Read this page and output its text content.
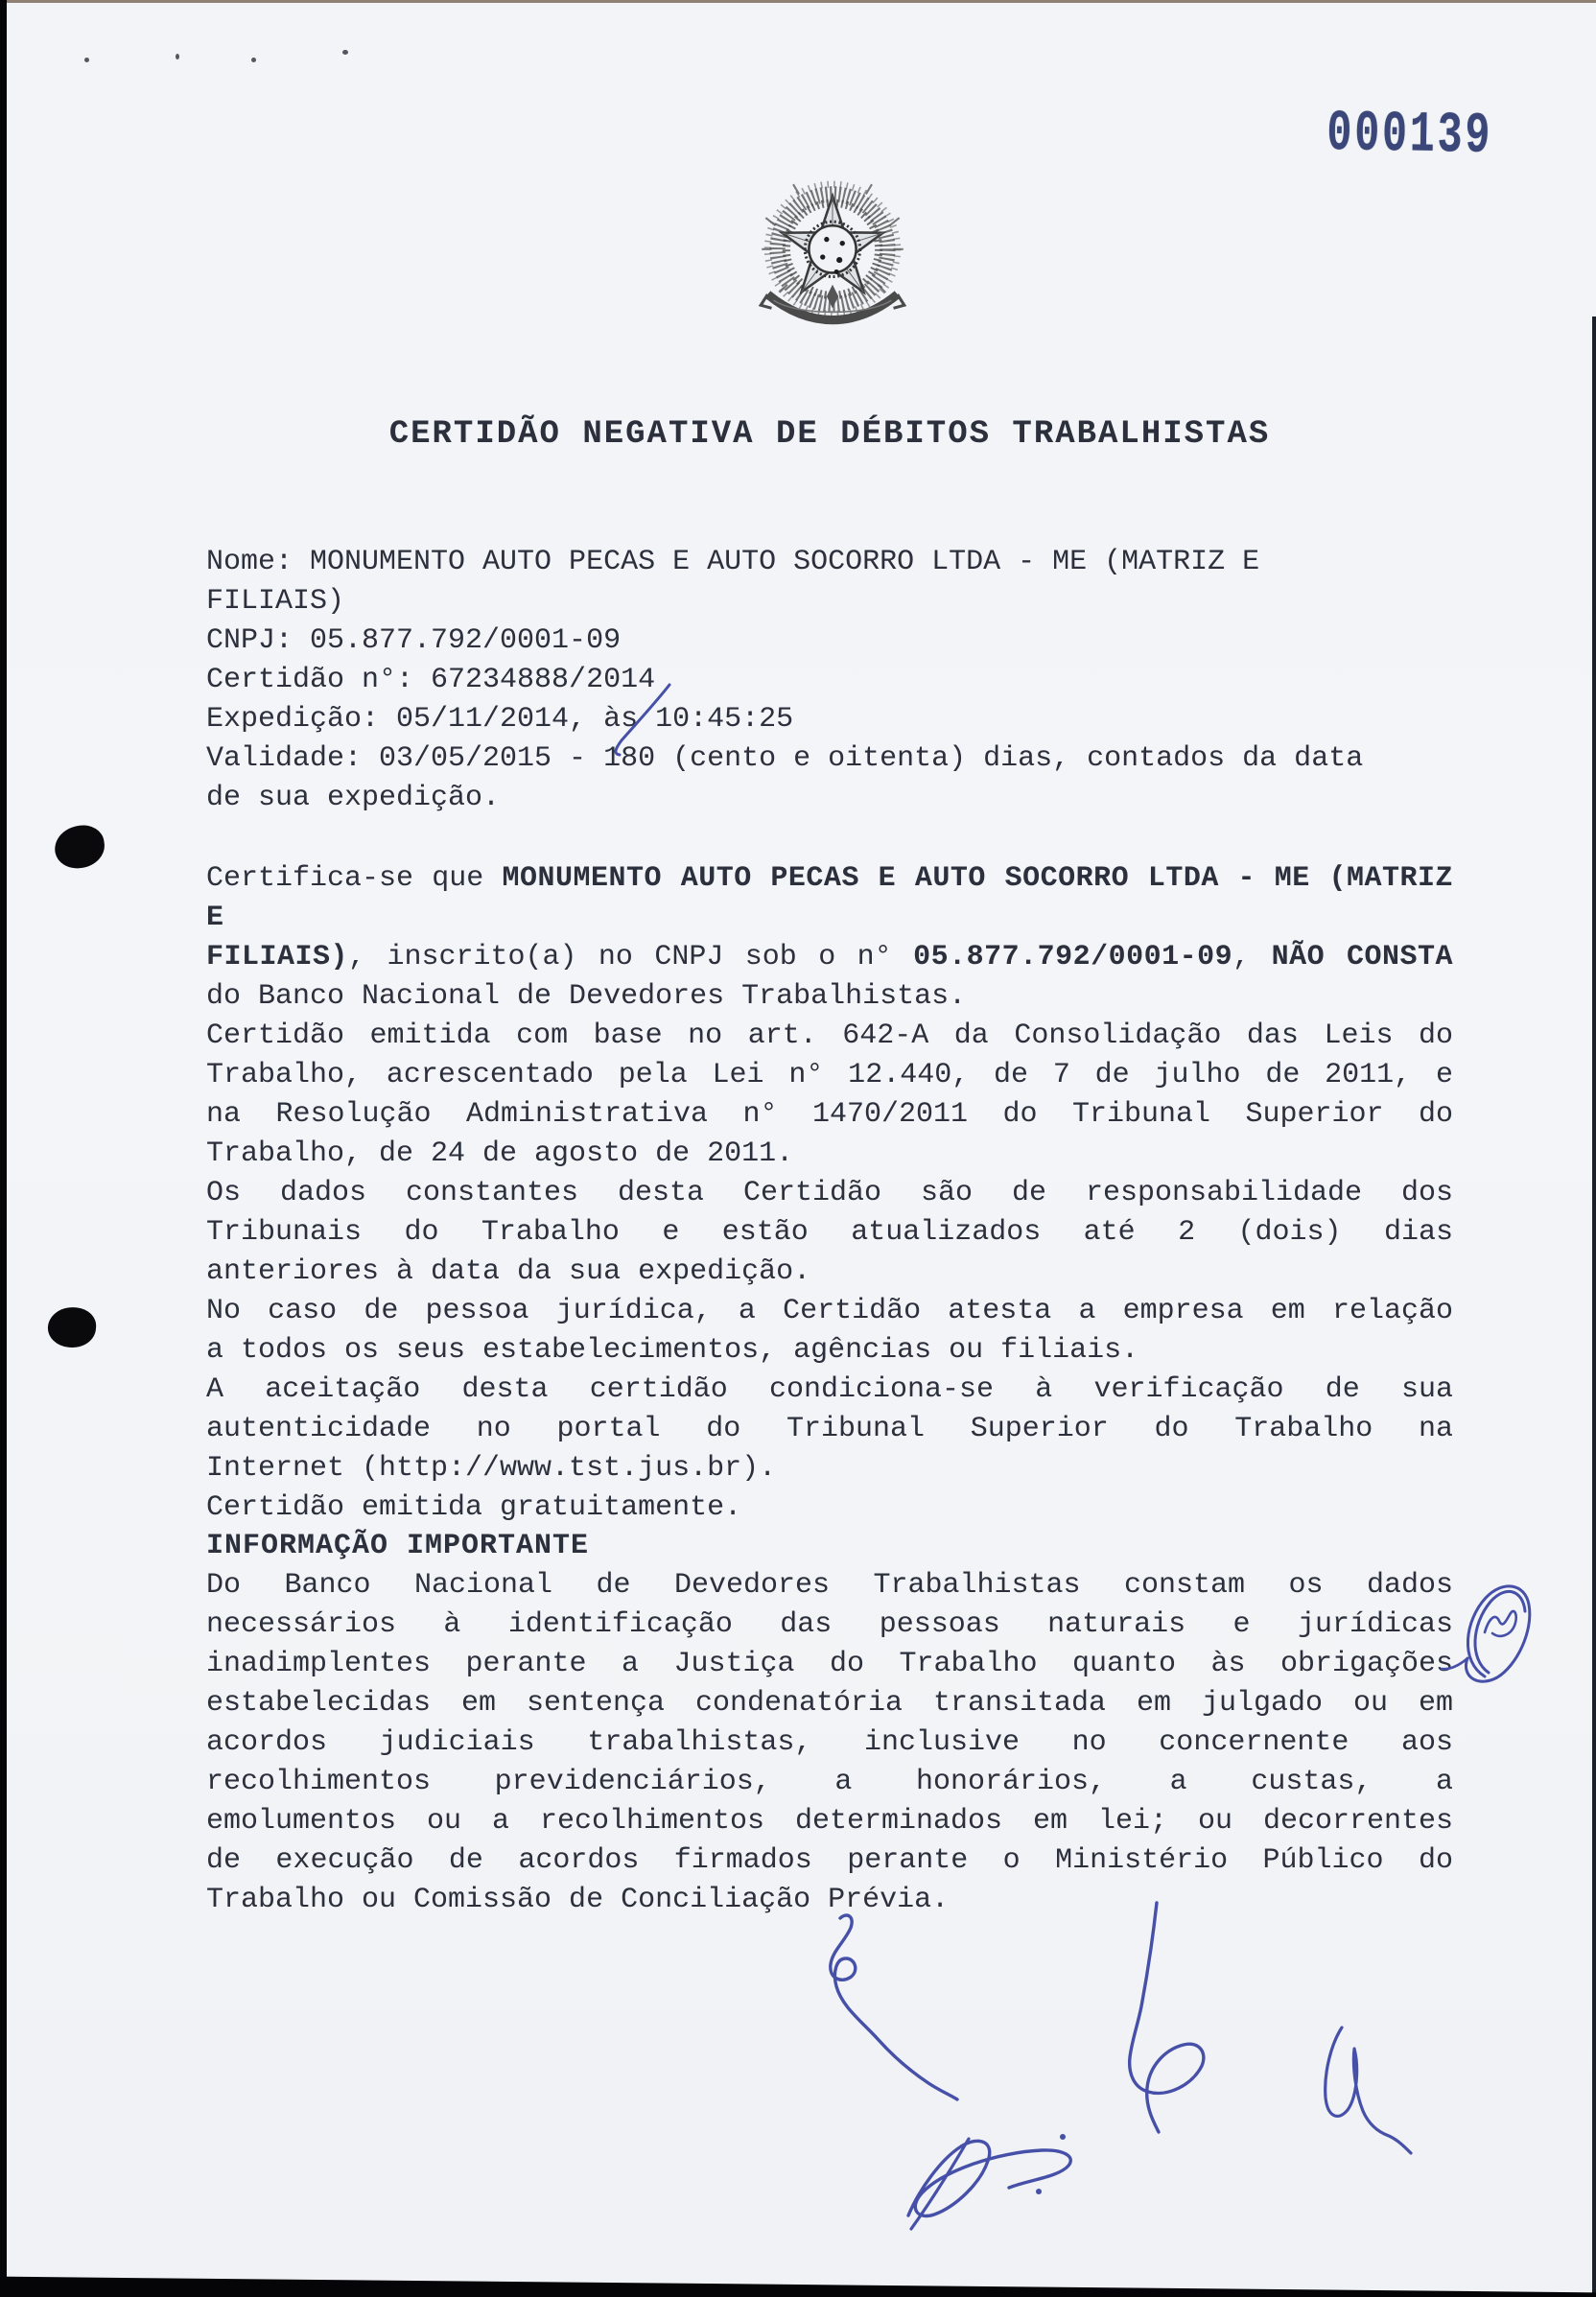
000139
CERTIDÃO NEGATIVA DE DÉBITOS TRABALHISTAS
Nome: MONUMENTO AUTO PECAS E AUTO SOCORRO LTDA - ME (MATRIZ E
FILIAIS)
CNPJ: 05.877.792/0001-09
Certidão n°: 67234888/2014
Expedição: 05/11/2014, às 10:45:25
Validade: 03/05/2015 - 180 (cento e oitenta) dias, contados da data
de sua expedição.
Certifica-se que MONUMENTO AUTO PECAS E AUTO SOCORRO LTDA - ME (MATRIZ E
FILIAIS), inscrito(a) no CNPJ sob o n° 05.877.792/0001-09, NÃO CONSTA
do Banco Nacional de Devedores Trabalhistas.
Certidão emitida com base no art. 642-A da Consolidação das Leis do
Trabalho, acrescentado pela Lei n° 12.440, de 7 de julho de 2011, e
na Resolução Administrativa n° 1470/2011 do Tribunal Superior do
Trabalho, de 24 de agosto de 2011.
Os dados constantes desta Certidão são de responsabilidade dos
Tribunais do Trabalho e estão atualizados até 2 (dois) dias
anteriores à data da sua expedição.
No caso de pessoa jurídica, a Certidão atesta a empresa em relação
a todos os seus estabelecimentos, agências ou filiais.
A aceitação desta certidão condiciona-se à verificação de sua
autenticidade no portal do Tribunal Superior do Trabalho na
Internet (http://www.tst.jus.br).
Certidão emitida gratuitamente.
INFORMAÇÃO IMPORTANTE
Do Banco Nacional de Devedores Trabalhistas constam os dados
necessários à identificação das pessoas naturais e jurídicas
inadimplentes perante a Justiça do Trabalho quanto às obrigações
estabelecidas em sentença condenatória transitada em julgado ou em
acordos judiciais trabalhistas, inclusive no concernente aos
recolhimentos previdenciários, a honorários, a custas, a
emolumentos ou a recolhimentos determinados em lei; ou decorrentes
de execução de acordos firmados perante o Ministério Público do
Trabalho ou Comissão de Conciliação Prévia.
